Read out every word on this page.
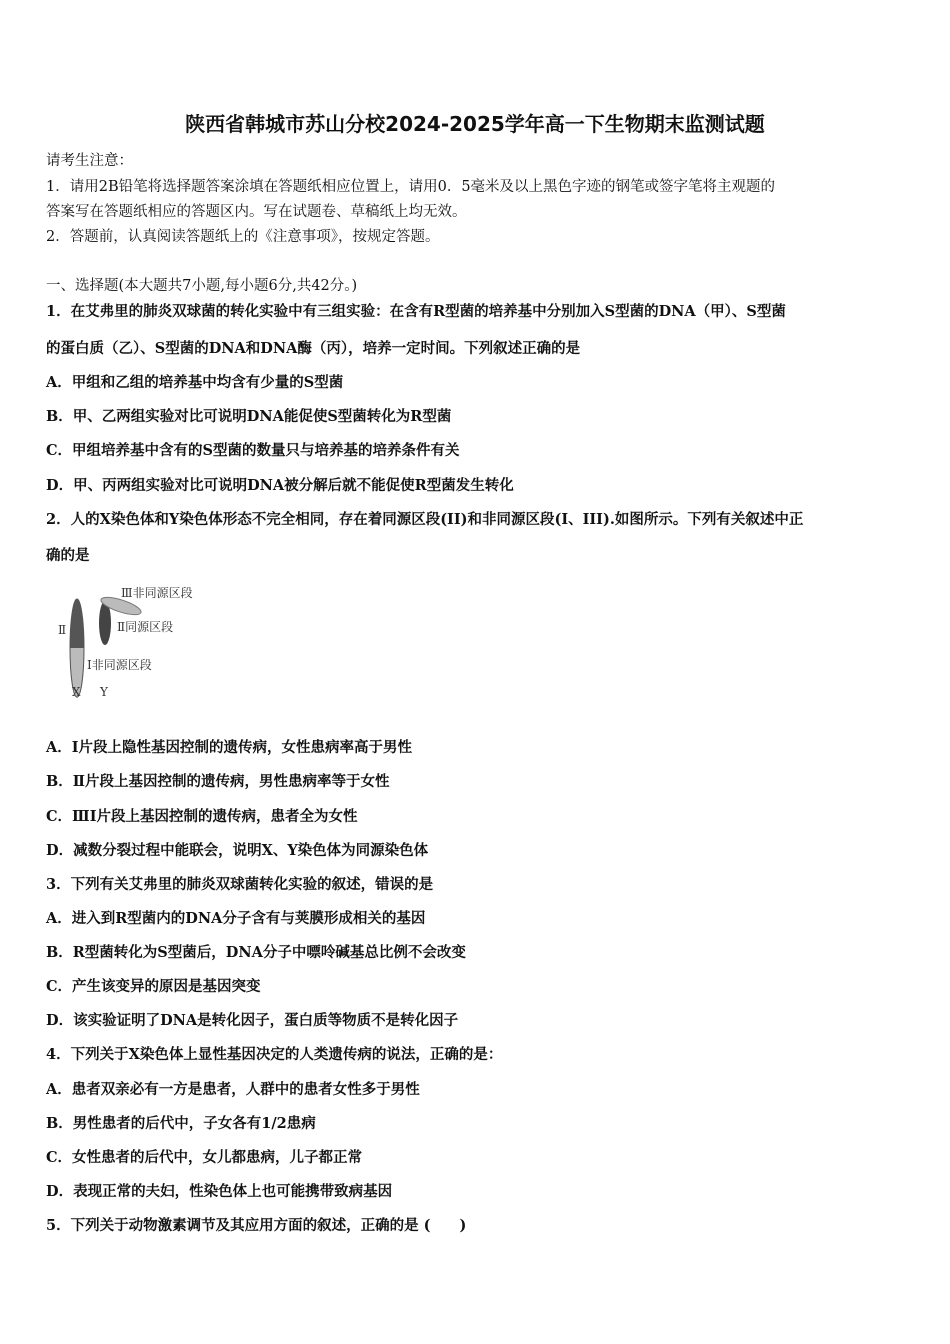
陕西省韩城市苏山分校2024-2025学年高一下生物期末监测试题
请考生注意：
1．请用2B铅笔将选择题答案涂填在答题纸相应位置上，请用0．5毫米及以上黑色字迹的钢笔或签字笔将主观题的
答案写在答题纸相应的答题区内。写在试题卷、草稿纸上均无效。
2．答题前，认真阅读答题纸上的《注意事项》，按规定答题。
一、选择题(本大题共7小题,每小题6分,共42分。)
1．在艾弗里的肺炎双球菌的转化实验中有三组实验：在含有R型菌的培养基中分别加入S型菌的DNA（甲）、S型菌
的蛋白质（乙）、S型菌的DNA和DNA酶（丙），培养一定时间。下列叙述正确的是
A．甲组和乙组的培养基中均含有少量的S型菌
B．甲、乙两组实验对比可说明DNA能促使S型菌转化为R型菌
C．甲组培养基中含有的S型菌的数量只与培养基的培养条件有关
D．甲、丙两组实验对比可说明DNA被分解后就不能促使R型菌发生转化
2．人的X染色体和Y染色体形态不完全相同，存在着同源区段(II)和非同源区段(I、III).如图所示。下列有关叙述中正
确的是
Ⅲ非同源区段
Ⅱ同源区段
Ⅱ
Ⅰ非同源区段
X Y
A．Ⅰ片段上隐性基因控制的遗传病，女性患病率高于男性
B．Ⅱ片段上基因控制的遗传病，男性患病率等于女性
C．ⅢⅠ片段上基因控制的遗传病，患者全为女性
D．减数分裂过程中能联会，说明X、Y染色体为同源染色体
3．下列有关艾弗里的肺炎双球菌转化实验的叙述，错误的是
A．进入到R型菌内的DNA分子含有与荚膜形成相关的基因
B．R型菌转化为S型菌后，DNA分子中嘌呤碱基总比例不会改变
C．产生该变异的原因是基因突变
D．该实验证明了DNA是转化因子，蛋白质等物质不是转化因子
4．下列关于X染色体上显性基因决定的人类遗传病的说法，正确的是：
A．患者双亲必有一方是患者，人群中的患者女性多于男性
B．男性患者的后代中，子女各有1/2患病
C．女性患者的后代中，女儿都患病，儿子都正常
D．表现正常的夫妇，性染色体上也可能携带致病基因
5．下列关于动物激素调节及其应用方面的叙述，正确的是 (　　)
